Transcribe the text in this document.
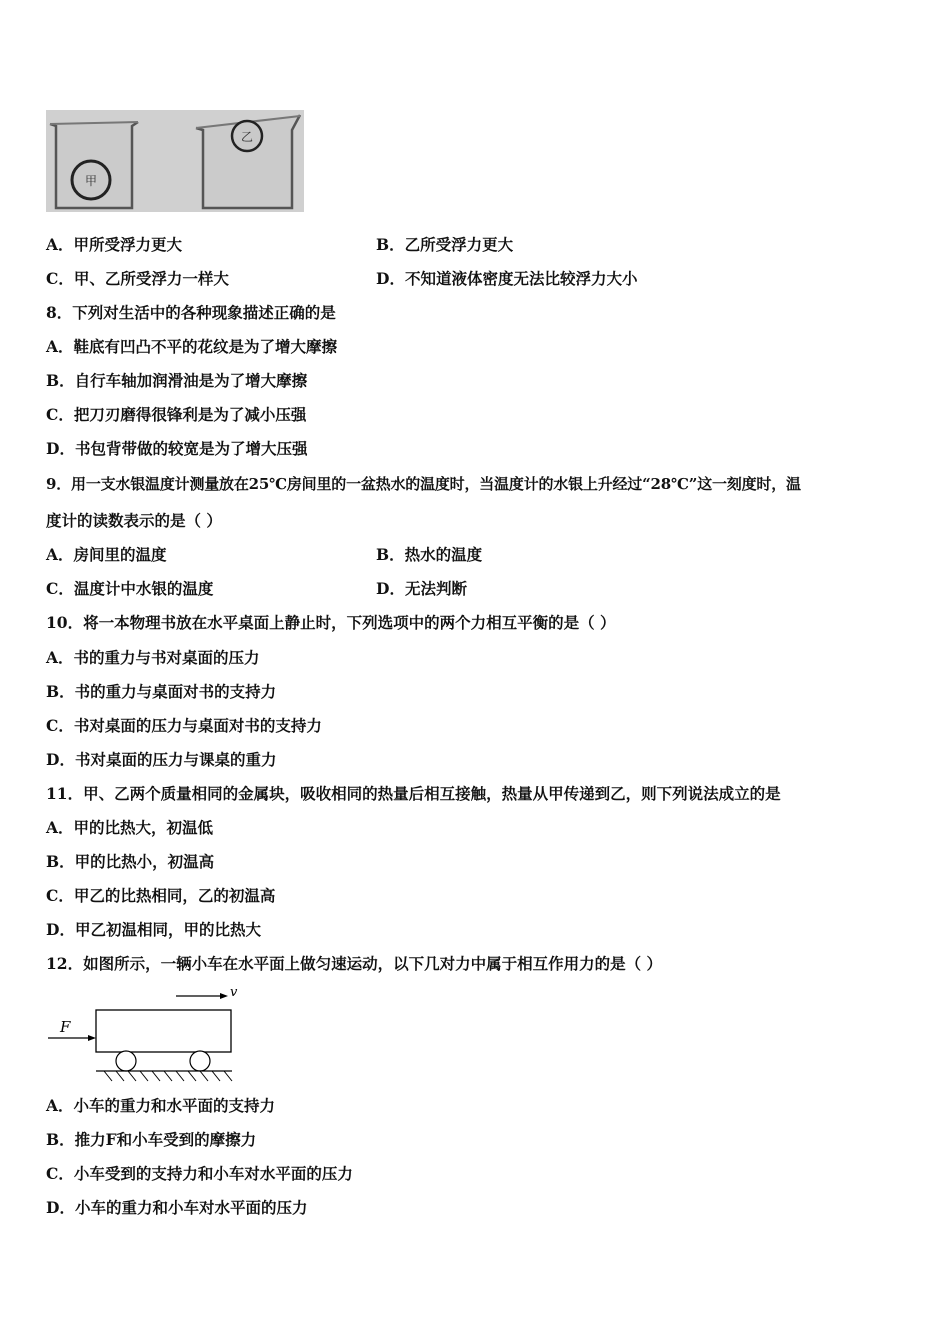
甲
乙
A．甲所受浮力更大	B．乙所受浮力更大
C．甲、乙所受浮力一样大	D．不知道液体密度无法比较浮力大小
8．下列对生活中的各种现象描述正确的是
A．鞋底有凹凸不平的花纹是为了增大摩擦
B．自行车轴加润滑油是为了增大摩擦
C．把刀刃磨得很锋利是为了减小压强
D．书包背带做的较宽是为了增大压强
9．用一支水银温度计测量放在25℃房间里的一盆热水的温度时，当温度计的水银上升经过“28℃”这一刻度时，温
度计的读数表示的是（ ）
A．房间里的温度	B．热水的温度
C．温度计中水银的温度	D．无法判断
10．将一本物理书放在水平桌面上静止时，下列选项中的两个力相互平衡的是（ ）
A．书的重力与书对桌面的压力
B．书的重力与桌面对书的支持力
C．书对桌面的压力与桌面对书的支持力
D．书对桌面的压力与课桌的重力
11．甲、乙两个质量相同的金属块，吸收相同的热量后相互接触，热量从甲传递到乙，则下列说法成立的是
A．甲的比热大，初温低
B．甲的比热小，初温高
C．甲乙的比热相同，乙的初温高
D．甲乙初温相同，甲的比热大
12．如图所示，一辆小车在水平面上做匀速运动，以下几对力中属于相互作用力的是（ ）
v
F
A．小车的重力和水平面的支持力
B．推力F和小车受到的摩擦力
C．小车受到的支持力和小车对水平面的压力
D．小车的重力和小车对水平面的压力
